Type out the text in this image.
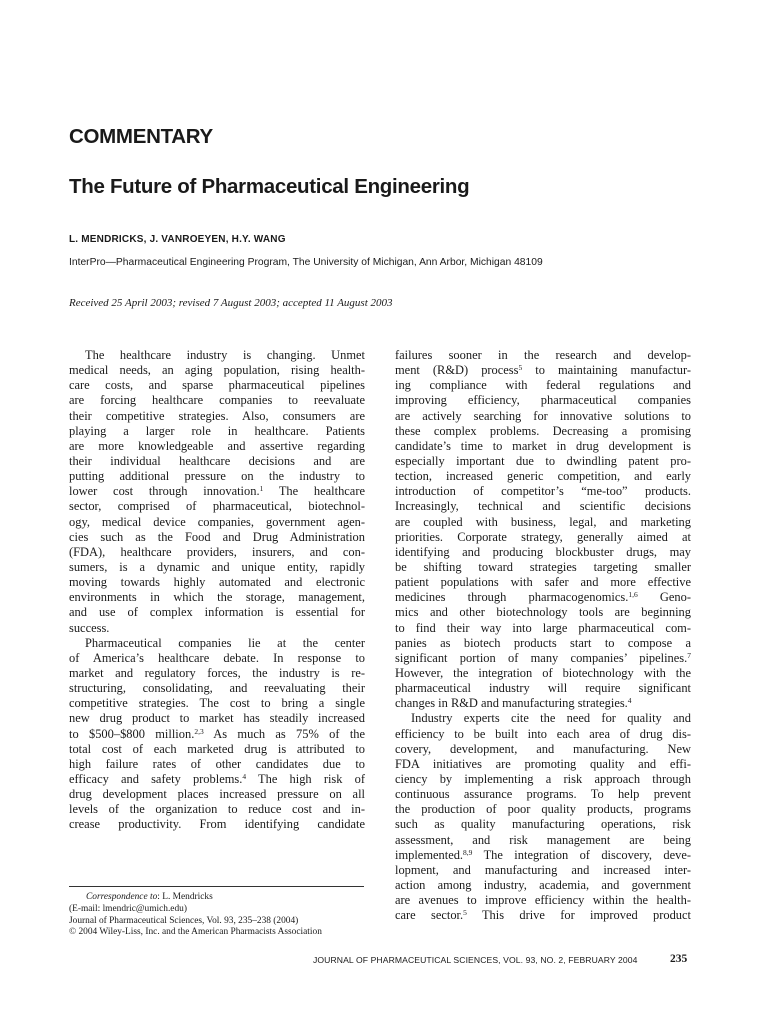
COMMENTARY
The Future of Pharmaceutical Engineering
L. MENDRICKS, J. VANROEYEN, H.Y. WANG
InterPro—Pharmaceutical Engineering Program, The University of Michigan, Ann Arbor, Michigan 48109
Received 25 April 2003; revised 7 August 2003; accepted 11 August 2003
The healthcare industry is changing. Unmet
medical needs, an aging population, rising health-
care costs, and sparse pharmaceutical pipelines
are forcing healthcare companies to reevaluate
their competitive strategies. Also, consumers are
playing a larger role in healthcare. Patients
are more knowledgeable and assertive regarding
their individual healthcare decisions and are
putting additional pressure on the industry to
lower cost through innovation.$^1$ The healthcare
sector, comprised of pharmaceutical, biotechnol-
ogy, medical device companies, government agen-
cies such as the Food and Drug Administration
(FDA), healthcare providers, insurers, and con-
sumers, is a dynamic and unique entity, rapidly
moving towards highly automated and electronic
environments in which the storage, management,
and use of complex information is essential for
success.
Pharmaceutical companies lie at the center
of America’s healthcare debate. In response to
market and regulatory forces, the industry is re-
structuring, consolidating, and reevaluating their
competitive strategies. The cost to bring a single
new drug product to market has steadily increased
to $500–$800 million.$^{2,3}$ As much as 75% of the
total cost of each marketed drug is attributed to
high failure rates of other candidates due to
efficacy and safety problems.$^4$ The high risk of
drug development places increased pressure on all
levels of the organization to reduce cost and in-
crease productivity. From identifying candidate
failures sooner in the research and develop-
ment (R&D) process$^5$ to maintaining manufactur-
ing compliance with federal regulations and
improving efficiency, pharmaceutical companies
are actively searching for innovative solutions to
these complex problems. Decreasing a promising
candidate’s time to market in drug development is
especially important due to dwindling patent pro-
tection, increased generic competition, and early
introduction of competitor’s “me-too” products.
Increasingly, technical and scientific decisions
are coupled with business, legal, and marketing
priorities. Corporate strategy, generally aimed at
identifying and producing blockbuster drugs, may
be shifting toward strategies targeting smaller
patient populations with safer and more effective
medicines through pharmacogenomics.$^{1,6}$ Geno-
mics and other biotechnology tools are beginning
to find their way into large pharmaceutical com-
panies as biotech products start to compose a
significant portion of many companies’ pipelines.$^7$
However, the integration of biotechnology with the
pharmaceutical industry will require significant
changes in R&D and manufacturing strategies.$^4$
Industry experts cite the need for quality and
efficiency to be built into each area of drug dis-
covery, development, and manufacturing. New
FDA initiatives are promoting quality and effi-
ciency by implementing a risk approach through
continuous assurance programs. To help prevent
the production of poor quality products, programs
such as quality manufacturing operations, risk
assessment, and risk management are being
implemented.$^{8,9}$ The integration of discovery, deve-
lopment, and manufacturing and increased inter-
action among industry, academia, and government
are avenues to improve efficiency within the health-
care sector.$^5$ This drive for improved product
Correspondence to: L. Mendricks
(E-mail: lmendric@umich.edu)
Journal of Pharmaceutical Sciences, Vol. 93, 235–238 (2004)
© 2004 Wiley-Liss, Inc. and the American Pharmacists Association
JOURNAL OF PHARMACEUTICAL SCIENCES, VOL. 93, NO. 2, FEBRUARY 2004	235
